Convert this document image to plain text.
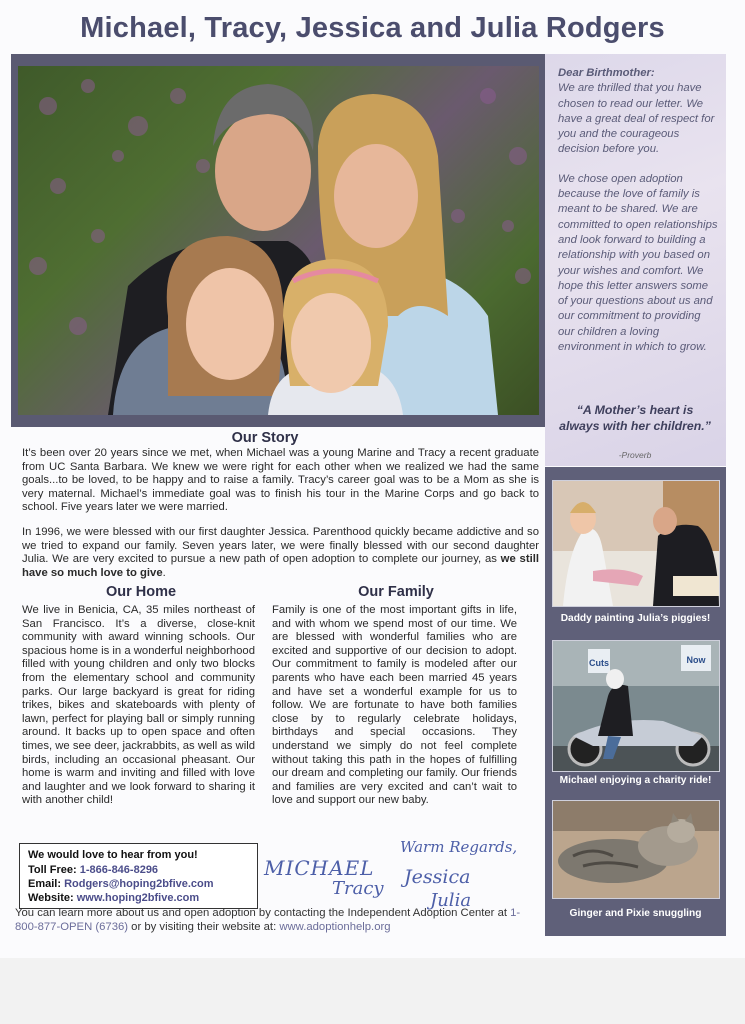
Michael, Tracy, Jessica and Julia Rodgers

Dear Birthmother:
We are thrilled that you have chosen to read our letter. We have a great deal of respect for you and the courageous decision before you.

We chose open adoption because the love of family is meant to be shared. We are committed to open relationships and look forward to building a relationship with you based on your wishes and comfort. We hope this letter answers some of your questions about us and our commitment to providing our children a loving environment in which to grow.

“A Mother’s heart is always with her children.”
-Proverb
Daddy painting Julia’s piggies!
Cuts	Now
Michael enjoying a charity ride!
Ginger and Pixie snuggling
Our Story
It’s been over 20 years since we met, when Michael was a young Marine and Tracy a recent graduate from UC Santa Barbara. We knew we were right for each other when we realized we had the same goals...to be loved, to be happy and to raise a family. Tracy’s career goal was to be a Mom as she is very maternal. Michael’s immediate goal was to finish his tour in the Marine Corps and go back to school. Five years later we were married.
In 1996, we were blessed with our first daughter Jessica. Parenthood quickly became addictive and so we tried to expand our family. Seven years later, we were finally blessed with our second daughter Julia. We are very excited to pursue a new path of open adoption to complete our journey, as we still have so much love to give.
Our Home
We live in Benicia, CA, 35 miles northeast of San Francisco. It’s a diverse, close-knit community with award winning schools. Our spacious home is in a wonderful neighborhood filled with young children and only two blocks from the elementary school and community parks. Our large backyard is great for riding trikes, bikes and skateboards with plenty of lawn, perfect for playing ball or simply running around. It backs up to open space and often times, we see deer, jackrabbits, as well as wild birds, including an occasional pheasant. Our home is warm and inviting and filled with love and laughter and we look forward to sharing it with another child!
Our Family
Family is one of the most important gifts in life, and with whom we spend most of our time. We are blessed with wonderful families who are excited and supportive of our decision to adopt. Our commitment to family is modeled after our parents who have each been married 45 years and have set a wonderful example for us to follow. We are fortunate to have both families close by to regularly celebrate holidays, birthdays and special occasions. They understand we simply do not feel complete without taking this path in the hopes of fulfilling our dream and completing our family. Our friends and families are very excited and can’t wait to love and support our new baby.
We would love to hear from you!
Toll Free: 1-866-846-8296
Email: Rodgers@hoping2bfive.com
Website: www.hoping2bfive.com
Warm Regards,
MICHAEL
Tracy
Jessica
Julia
You can learn more about us and open adoption by contacting the Independent Adoption Center at 1-800-877-OPEN (6736) or by visiting their website at: www.adoptionhelp.org
